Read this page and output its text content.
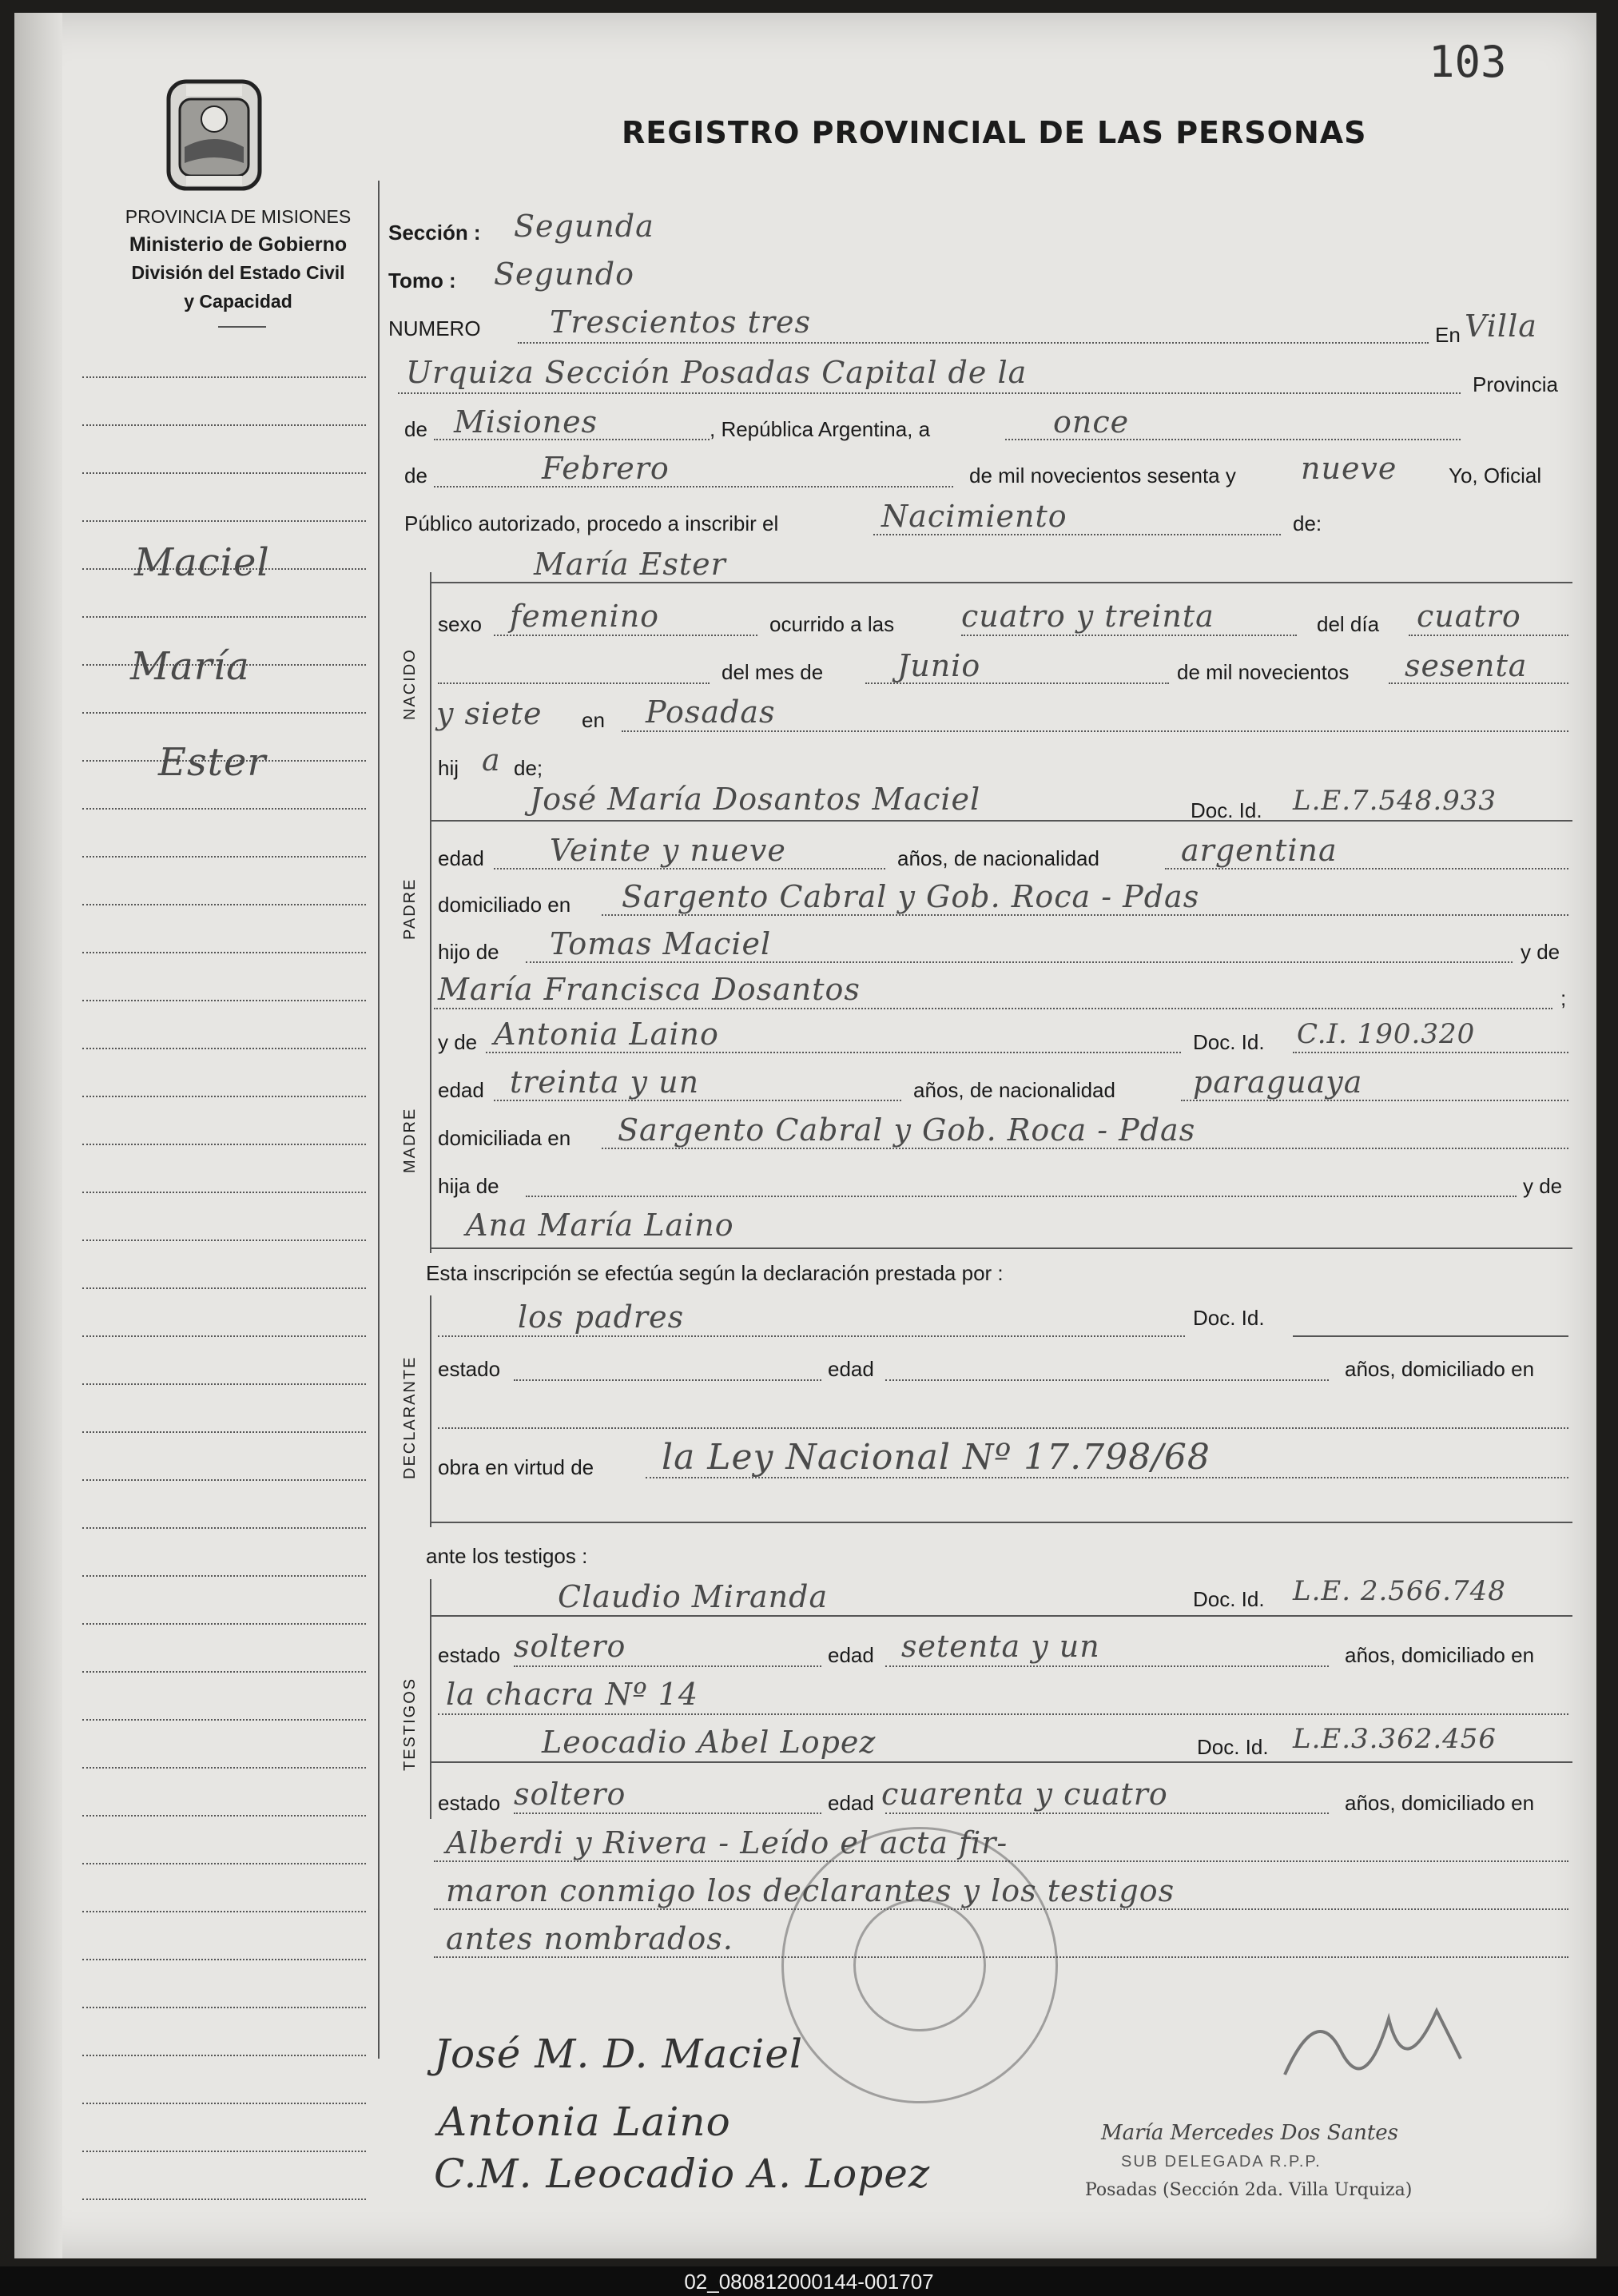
103
REGISTRO PROVINCIAL DE LAS PERSONAS
PROVINCIA DE MISIONES
Ministerio de Gobierno
División del Estado Civil
y Capacidad
Maciel
María
Ester
Sección : Segunda
Tomo : Segundo
NUMERO Trescientos tres	En Villa
Urquiza Sección Posadas Capital de la	Provincia
de Misiones	, República Argentina, a	once
de	Febrero	de mil novecientos sesenta y nueve Yo, Oficial
Público autorizado, procedo a inscribir el	Nacimiento	de:
NACIDO
María Ester
sexo femenino	ocurrido a las cuatro y treinta	del día cuatro
del mes de Junio	de mil novecientos sesenta
y siete en Posadas
hij a de;
PADRE
José María Dosantos Maciel	Doc. Id. L.E.7.548.933
edad Veinte y nueve	años, de nacionalidad	argentina
domiciliado en Sargento Cabral y Gob. Roca - Pdas
hijo de Tomas Maciel	y de
María Francisca Dosantos	;
MADRE
y de Antonia Laino	Doc. Id. C.I. 190.320
edad treinta y un	años, de nacionalidad	paraguaya
domiciliada en Sargento Cabral y Gob. Roca - Pdas
hija de	y de
Ana María Laino
Esta inscripción se efectúa según la declaración prestada por :
DECLARANTE
los padres	Doc. Id.
estado	edad	años, domiciliado en
obra en virtud de la Ley Nacional Nº 17.798/68
ante los testigos :
TESTIGOS
Claudio Miranda	Doc. Id. L.E. 2.566.748
estado soltero	edad setenta y un	años, domiciliado en
la chacra Nº 14
Leocadio Abel Lopez	Doc. Id. L.E.3.362.456
estado soltero	edad cuarenta y cuatro	años, domiciliado en
Alberdi y Rivera - Leído el acta fir-
maron conmigo los declarantes y los testigos
antes nombrados.
José M. D. Maciel
Antonia Laino
C.M. Leocadio A. Lopez
María Mercedes Dos Santes
SUB DELEGADA R.P.P.
Posadas (Sección 2da. Villa Urquiza)
02_080812000144-001707
